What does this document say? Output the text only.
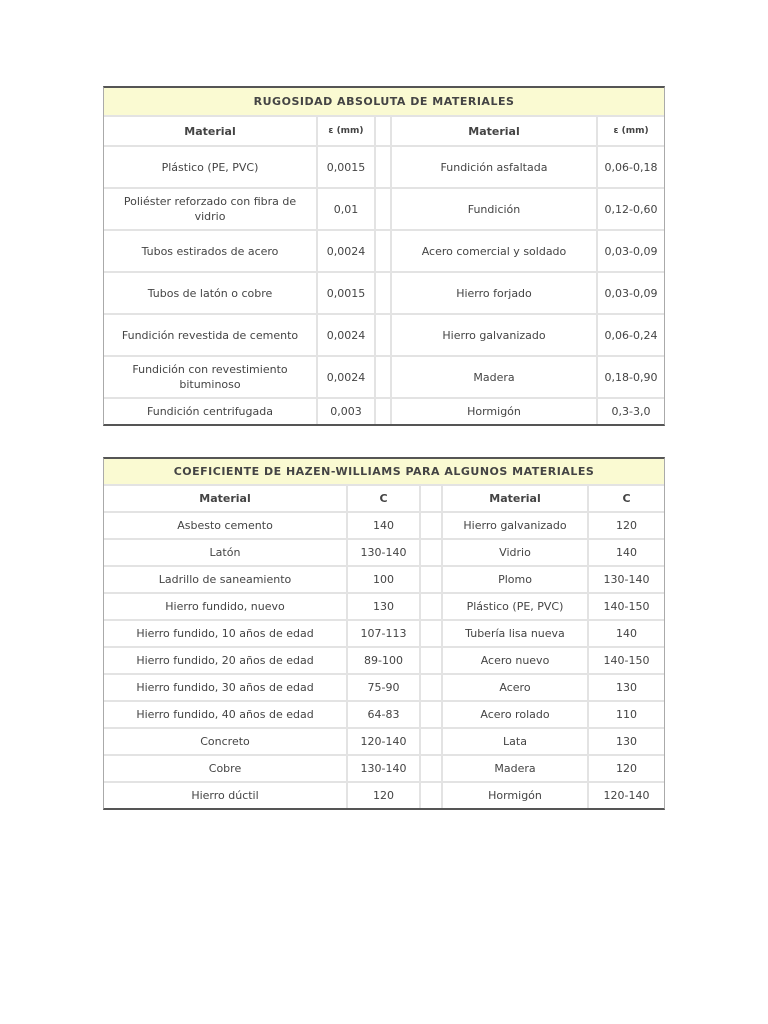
RUGOSIDAD ABSOLUTA DE MATERIALES				
Material	ε (mm)		Material	ε (mm)
Plástico (PE, PVC)	0,0015		Fundición asfaltada	0,06-0,18
Poliéster reforzado con fibra de vidrio	0,01		Fundición	0,12-0,60
Tubos estirados de acero	0,0024		Acero comercial y soldado	0,03-0,09
Tubos de latón o cobre	0,0015		Hierro forjado	0,03-0,09
Fundición revestida de cemento	0,0024		Hierro galvanizado	0,06-0,24
Fundición con revestimiento bituminoso	0,0024		Madera	0,18-0,90
Fundición centrifugada	0,003		Hormigón	0,3-3,0
COEFICIENTE DE HAZEN-WILLIAMS PARA ALGUNOS MATERIALES				
Material	C		Material	C
Asbesto cemento	140		Hierro galvanizado	120
Latón	130-140		Vidrio	140
Ladrillo de saneamiento	100		Plomo	130-140
Hierro fundido, nuevo	130		Plástico (PE, PVC)	140-150
Hierro fundido, 10 años de edad	107-113		Tubería lisa nueva	140
Hierro fundido, 20 años de edad	89-100		Acero nuevo	140-150
Hierro fundido, 30 años de edad	75-90		Acero	130
Hierro fundido, 40 años de edad	64-83		Acero rolado	110
Concreto	120-140		Lata	130
Cobre	130-140		Madera	120
Hierro dúctil	120		Hormigón	120-140
